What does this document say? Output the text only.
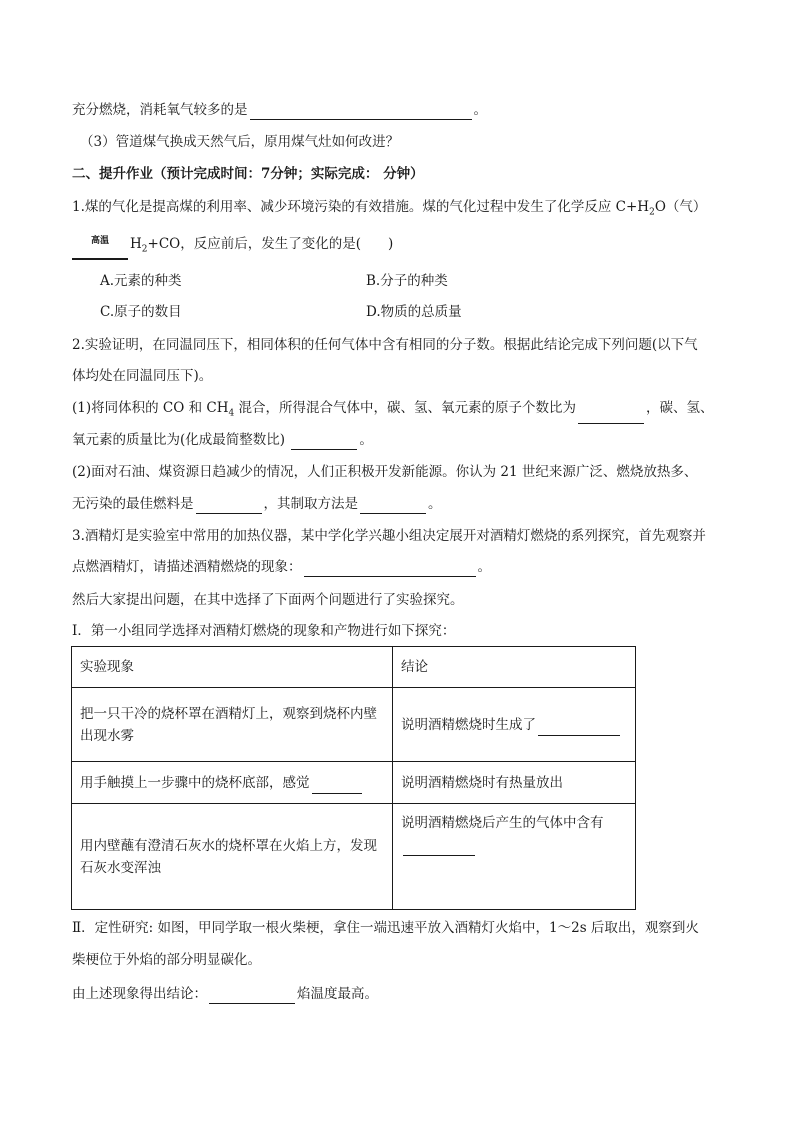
充分燃烧，消耗氧气较多的是	。
（3）管道煤气换成天然气后，原用煤气灶如何改进？
二、提升作业（预计完成时间：7分钟；实际完成： 分钟）
1.煤的气化是提高煤的利用率、减少环境污染的有效措施。煤的气化过程中发生了化学反应 $C+H_2O$（气）
高温	$H_2+CO$，反应前后，发生了变化的是(　　)
A.元素的种类	B.分子的种类
C.原子的数目	D.物质的总质量
2.实验证明，在同温同压下，相同体积的任何气体中含有相同的分子数。根据此结论完成下列问题(以下气
体均处在同温同压下)。
(1)将同体积的 CO 和 $CH_4$ 混合，所得混合气体中，碳、氢、氧元素的原子个数比为	，碳、氢、
氧元素的质量比为(化成最简整数比)	。
(2)面对石油、煤资源日趋减少的情况，人们正积极开发新能源。你认为 21 世纪来源广泛、燃烧放热多、
无污染的最佳燃料是	，其制取方法是	。
3.酒精灯是实验室中常用的加热仪器，某中学化学兴趣小组决定展开对酒精灯燃烧的系列探究，首先观察并
点燃酒精灯，请描述酒精燃烧的现象：	。
然后大家提出问题，在其中选择了下面两个问题进行了实验探究。
Ⅰ．第一小组同学选择对酒精灯燃烧的现象和产物进行如下探究：
实验现象	结论
把一只干冷的烧杯罩在酒精灯上，观察到烧杯内壁出现水雾	说明酒精燃烧时生成了
用手触摸上一步骤中的烧杯底部，感觉	说明酒精燃烧时有热量放出
用内壁蘸有澄清石灰水的烧杯罩在火焰上方，发现石灰水变浑浊	说明酒精燃烧后产生的气体中含有

Ⅱ．定性研究: 如图，甲同学取一根火柴梗，拿住一端迅速平放入酒精灯火焰中，1～2s 后取出，观察到火
柴梗位于外焰的部分明显碳化。
由上述现象得出结论：	焰温度最高。
